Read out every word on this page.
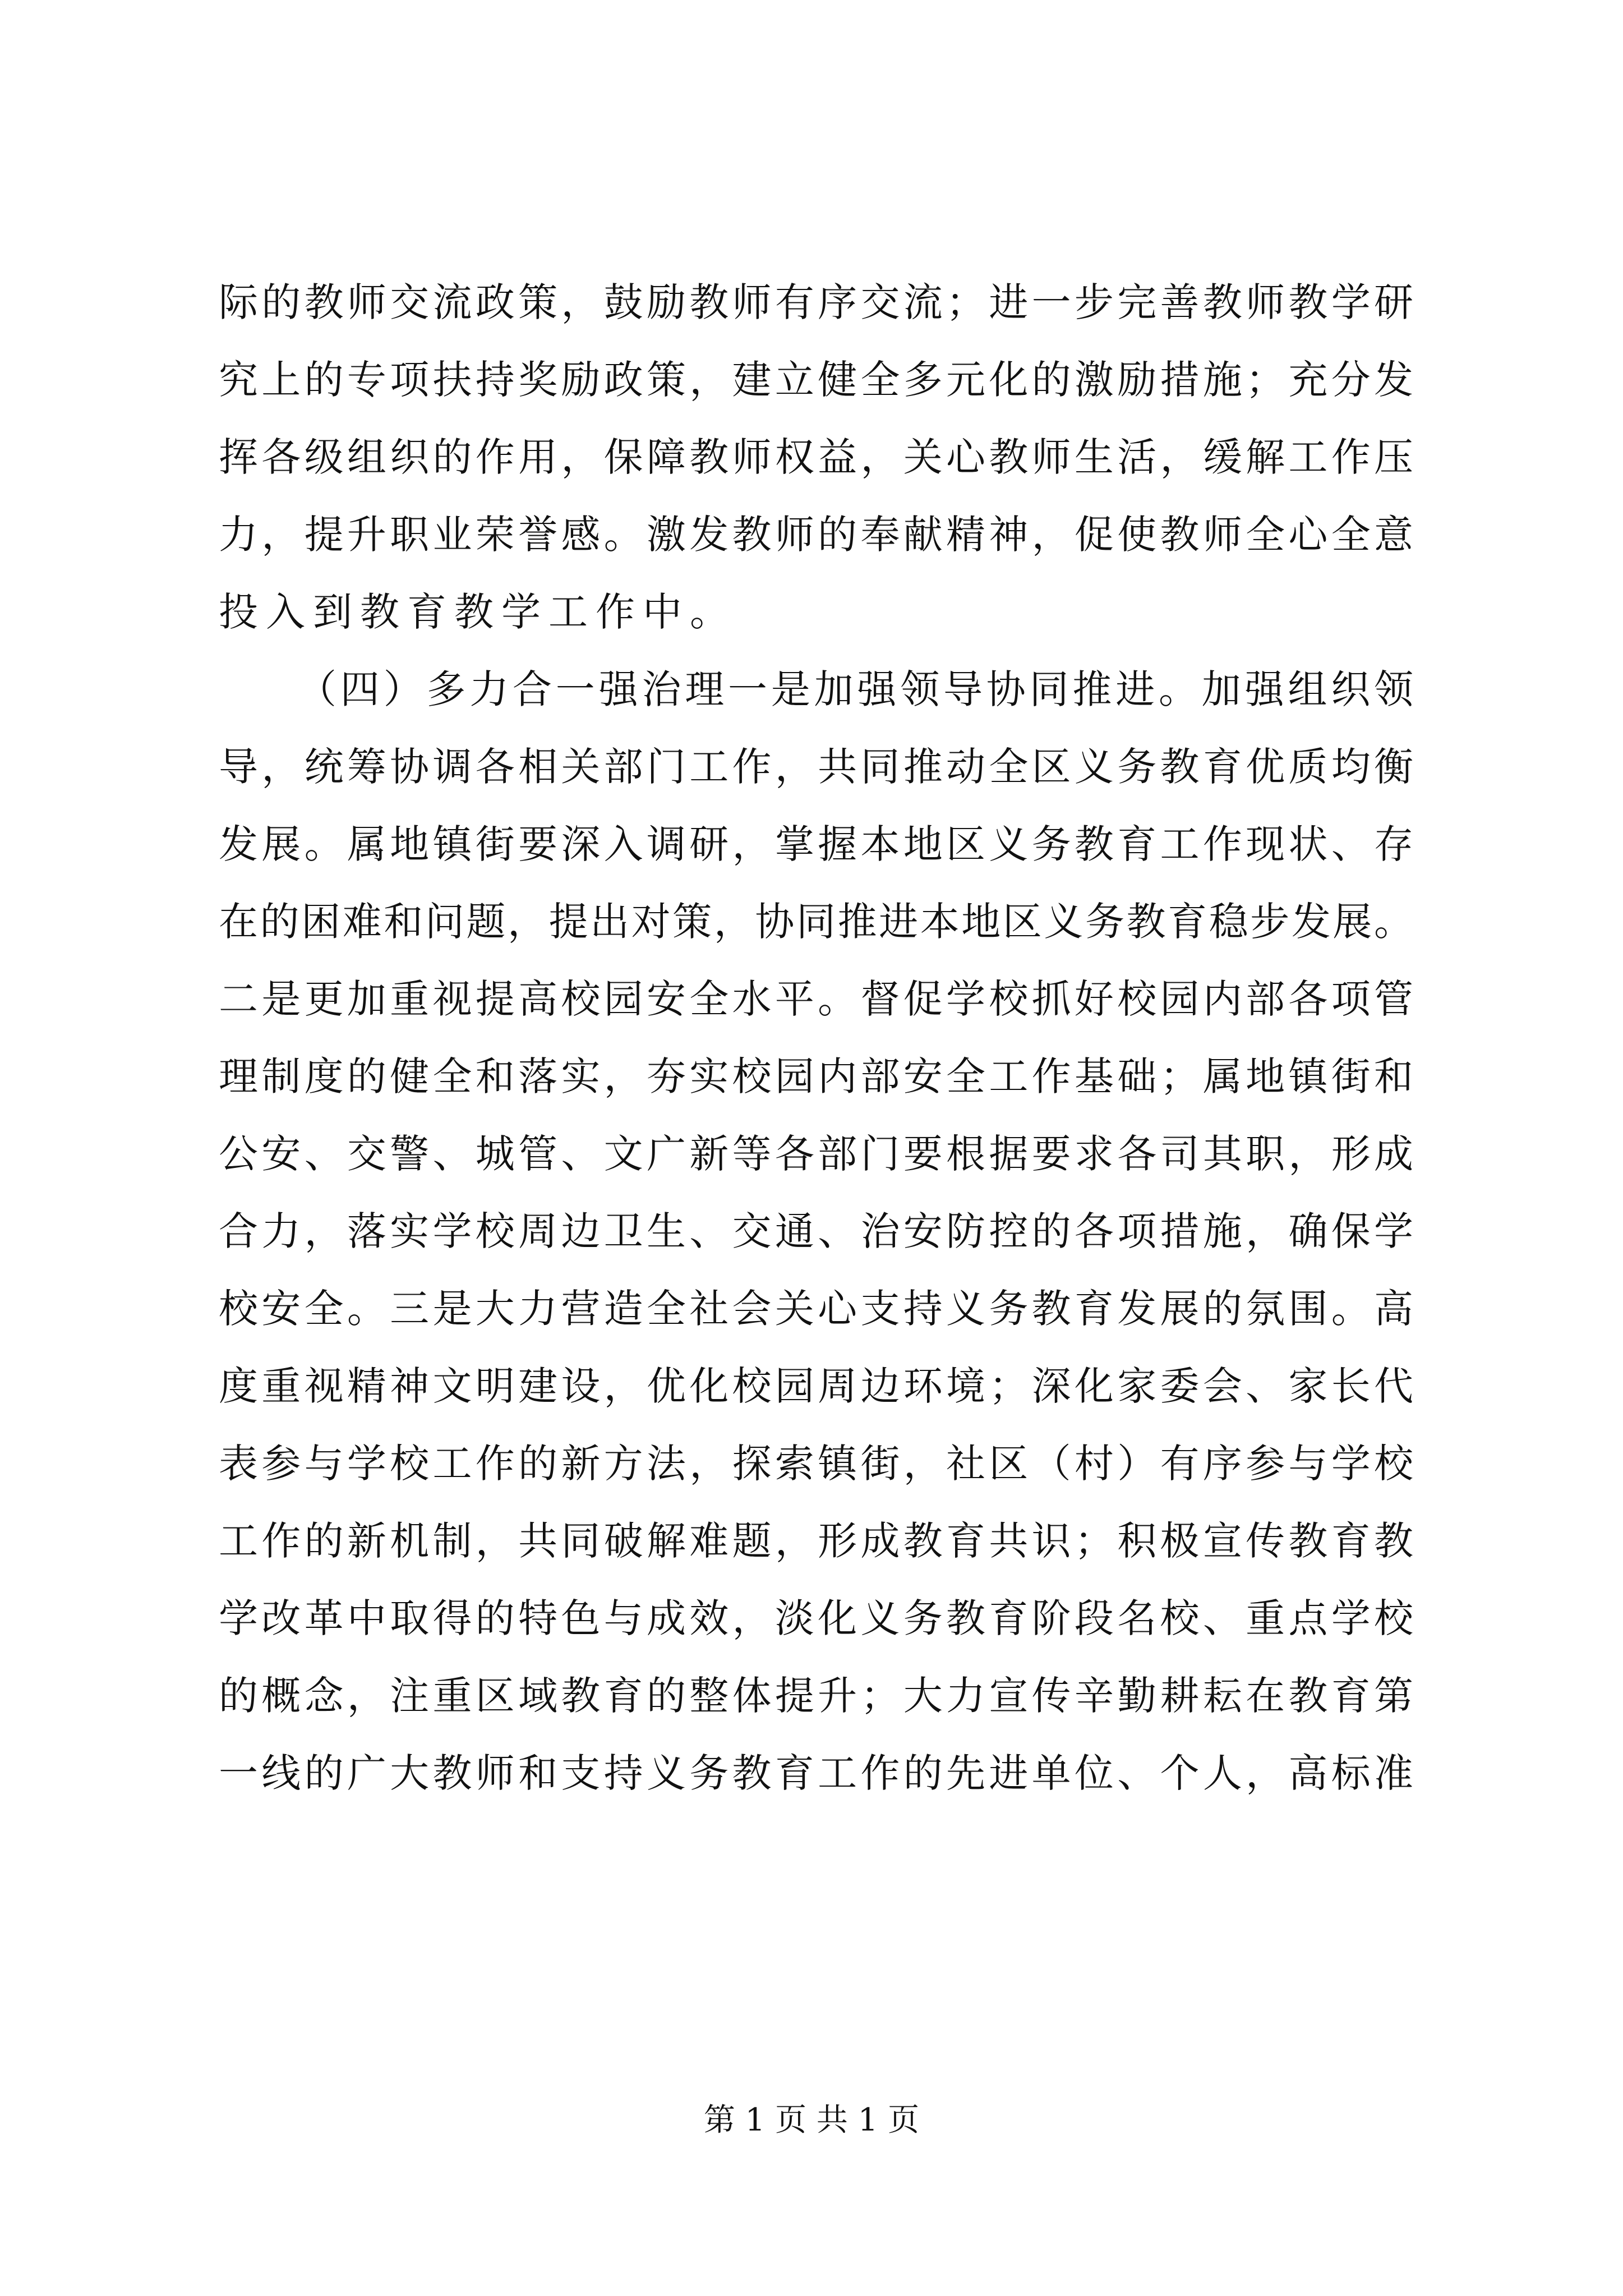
际的教师交流政策，鼓励教师有序交流；进一步完善教师教学研
究上的专项扶持奖励政策，建立健全多元化的激励措施；充分发
挥各级组织的作用，保障教师权益，关心教师生活，缓解工作压
力，提升职业荣誉感。激发教师的奉献精神，促使教师全心全意
投入到教育教学工作中。
（四）多力合一强治理一是加强领导协同推进。加强组织领
导，统筹协调各相关部门工作，共同推动全区义务教育优质均衡
发展。属地镇街要深入调研，掌握本地区义务教育工作现状、存
在的困难和问题，提出对策，协同推进本地区义务教育稳步发展。
二是更加重视提高校园安全水平。督促学校抓好校园内部各项管
理制度的健全和落实，夯实校园内部安全工作基础；属地镇街和
公安、交警、城管、文广新等各部门要根据要求各司其职，形成
合力，落实学校周边卫生、交通、治安防控的各项措施，确保学
校安全。三是大力营造全社会关心支持义务教育发展的氛围。高
度重视精神文明建设，优化校园周边环境；深化家委会、家长代
表参与学校工作的新方法，探索镇街，社区（村）有序参与学校
工作的新机制，共同破解难题，形成教育共识；积极宣传教育教
学改革中取得的特色与成效，淡化义务教育阶段名校、重点学校
的概念，注重区域教育的整体提升；大力宣传辛勤耕耘在教育第
一线的广大教师和支持义务教育工作的先进单位、个人，高标准
第 1 页 共 1 页
